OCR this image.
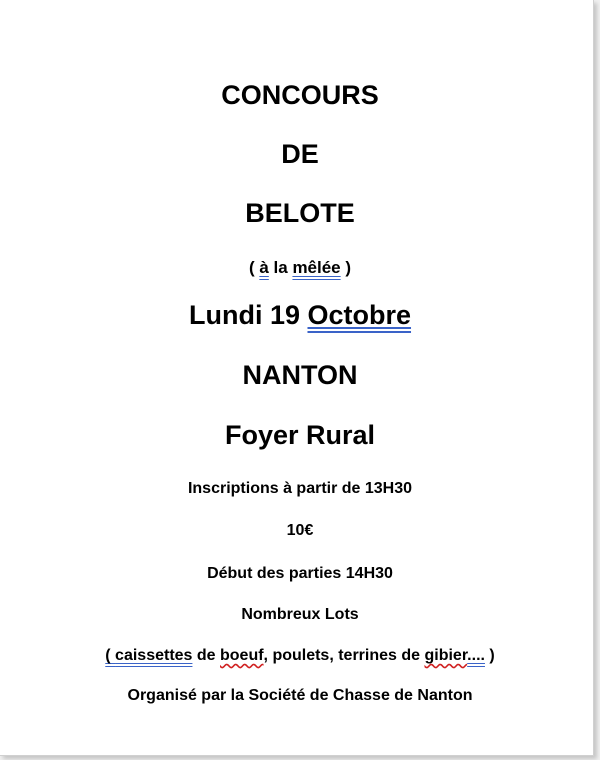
CONCOURS
DE
BELOTE
( à la mêlée )
Lundi 19 Octobre
NANTON
Foyer Rural
Inscriptions à partir de 13H30
10€
Début des parties 14H30
Nombreux Lots
( caissettes de boeuf, poulets, terrines de gibier.... )
Organisé par la Société de Chasse de Nanton
